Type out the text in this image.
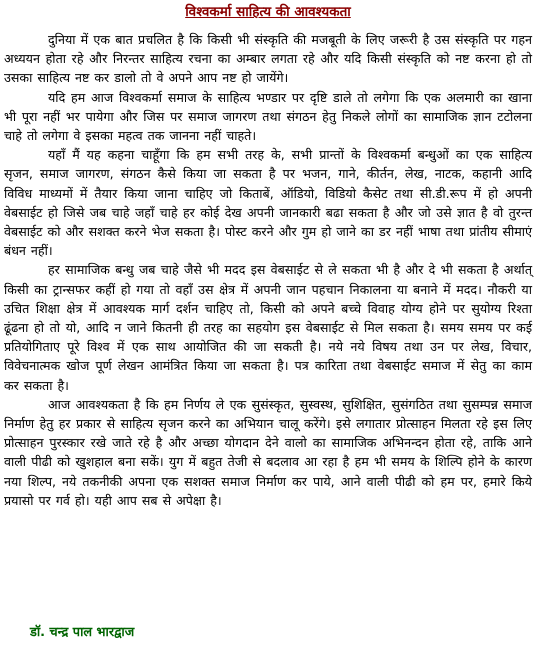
विश्वकर्मा साहित्य की आवश्यकता

दुनिया में एक बात प्रचलित है कि किसी भी संस्कृति की मजबूती के लिए जरूरी है उस संस्कृति पर गहन अध्ययन होता रहे और निरन्तर साहित्य रचना का अम्बार लगता रहे और यदि किसी संस्कृति को नष्ट करना हो तो उसका साहित्य नष्ट कर डालो तो वे अपने आप नष्ट हो जायेंगे।

यदि हम आज विश्वकर्मा समाज के साहित्य भण्डार पर दृष्टि डाले तो लगेगा कि एक अलमारी का खाना भी पूरा नहीं भर पायेगा और जिस पर समाज जागरण तथा संगठन हेतु निकले लोगों का सामाजिक ज्ञान टटोलना चाहे तो लगेगा वे इसका महत्व तक जानना नहीं चाहते।

यहाँ मैं यह कहना चाहूँगा कि हम सभी तरह के, सभी प्रान्तों के विश्वकर्मा बन्धुओं का एक साहित्य सृजन, समाज जागरण, संगठन कैसे किया जा सकता है पर भजन, गाने, कीर्तन, लेख, नाटक, कहानी आदि विविध माध्यमों में तैयार किया जाना चाहिए जो किताबें, ऑडियो, विडियो कैसेट तथा सी.डी.रूप में हो अपनी वेबसाईट हो जिसे जब चाहे जहाँ चाहे हर कोई देख अपनी जानकारी बढा सकता है और जो उसे ज्ञात है वो तुरन्त वेबसाईट को और सशक्त करने भेज सकता है। पोस्ट करने और गुम हो जाने का डर नहीं भाषा तथा प्रांतीय सीमाएं बंधन नहीं।

हर सामाजिक बन्धु जब चाहे जैसे भी मदद इस वेबसाईट से ले सकता भी है और दे भी सकता है अर्थात् किसी का ट्रान्सफर कहीं हो गया तो वहाँ उस क्षेत्र में अपनी जान पहचान निकालना या बनाने में मदद। नौकरी या उचित शिक्षा क्षेत्र में आवश्यक मार्ग दर्शन चाहिए तो, किसी को अपने बच्चे विवाह योग्य होने पर सुयोग्य रिश्ता ढूंढना हो तो यो, आदि न जाने कितनी ही तरह का सहयोग इस वेबसाईट से मिल सकता है। समय समय पर कई प्रतियोगिताए पूरे विश्व में एक साथ आयोजित की जा सकती है। नये नये विषय तथा उन पर लेख, विचार, विवेचनात्मक खोज पूर्ण लेखन आमंत्रित किया जा सकता है। पत्र कारिता तथा वेबसाईट समाज में सेतु का काम कर सकता है।

आज आवश्यकता है कि हम निर्णय ले एक सुसंस्कृत, सुस्वस्थ, सुशिक्षित, सुसंगठित तथा सुसम्पन्न समाज निर्माण हेतु हर प्रकार से साहित्य सृजन करने का अभियान चालू करेंगे। इसे लगातार प्रोत्साहन मिलता रहे इस लिए प्रोत्साहन पुरस्कार रखे जाते रहे है और अच्छा योगदान देने वालो का सामाजिक अभिनन्दन होता रहे, ताकि आने वाली पीढी को खुशहाल बना सकें। युग में बहुत तेजी से बदलाव आ रहा है हम भी समय के शिल्पि होने के कारण नया शिल्प, नये तकनीकी अपना एक सशक्त समाज निर्माण कर पाये, आने वाली पीढी को हम पर, हमारे किये प्रयासो पर गर्व हो। यही आप सब से अपेक्षा है।

डॉ. चन्द्र पाल भारद्वाज
